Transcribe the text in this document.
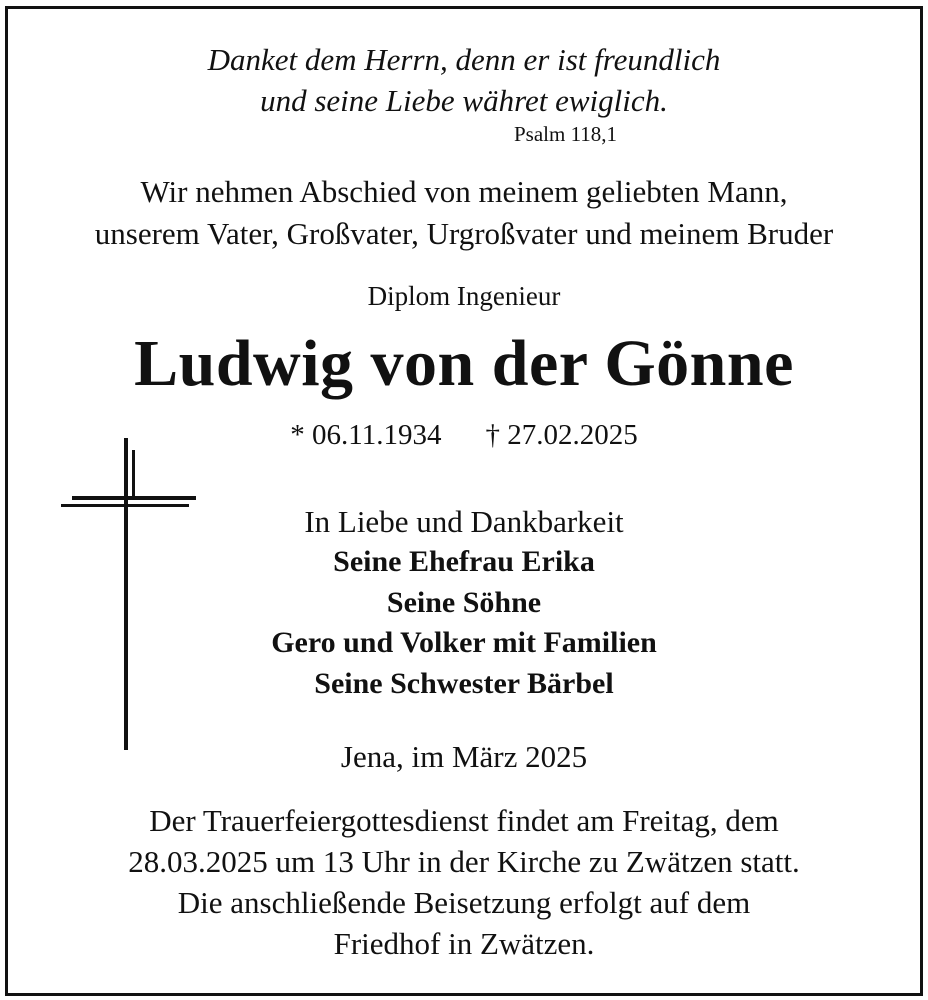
Danket dem Herrn, denn er ist freundlich
und seine Liebe währet ewiglich.
Psalm 118,1
Wir nehmen Abschied von meinem geliebten Mann,
unserem Vater, Großvater, Urgroßvater und meinem Bruder
Diplom Ingenieur
Ludwig von der Gönne
* 06.11.1934 † 27.02.2025
In Liebe und Dankbarkeit
Seine Ehefrau Erika
Seine Söhne
Gero und Volker mit Familien
Seine Schwester Bärbel
Jena, im März 2025
Der Trauerfeiergottesdienst findet am Freitag, dem
28.03.2025 um 13 Uhr in der Kirche zu Zwätzen statt.
Die anschließende Beisetzung erfolgt auf dem
Friedhof in Zwätzen.
